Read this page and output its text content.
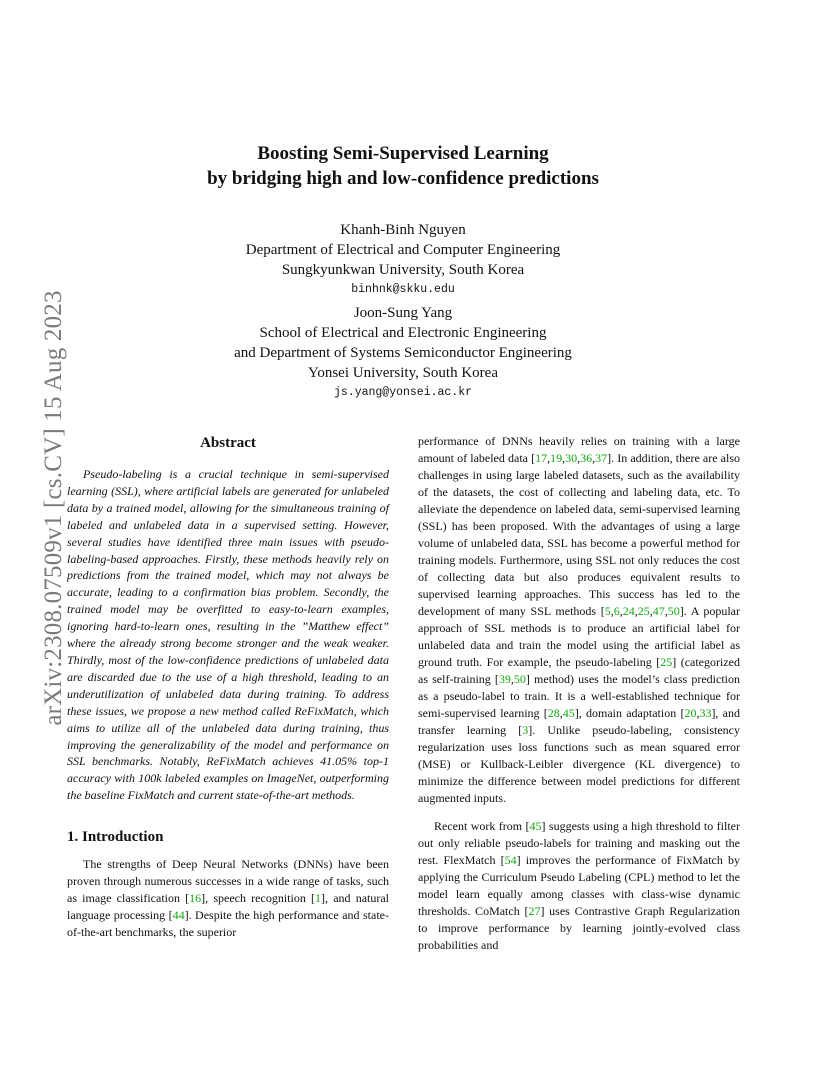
arXiv:2308.07509v1 [cs.CV] 15 Aug 2023
Boosting Semi-Supervised Learning
by bridging high and low-confidence predictions
Khanh-Binh Nguyen
Department of Electrical and Computer Engineering
Sungkyunkwan University, South Korea
binhnk@skku.edu
Joon-Sung Yang
School of Electrical and Electronic Engineering
and Department of Systems Semiconductor Engineering
Yonsei University, South Korea
js.yang@yonsei.ac.kr
Abstract

Pseudo-labeling is a crucial technique in semi-supervised learning (SSL), where artificial labels are generated for unlabeled data by a trained model, allowing for the simultaneous training of labeled and unlabeled data in a supervised setting. However, several studies have identified three main issues with pseudo-labeling-based approaches. Firstly, these methods heavily rely on predictions from the trained model, which may not always be accurate, leading to a confirmation bias problem. Secondly, the trained model may be overfitted to easy-to-learn examples, ignoring hard-to-learn ones, resulting in the ”Matthew effect” where the already strong become stronger and the weak weaker. Thirdly, most of the low-confidence predictions of unlabeled data are discarded due to the use of a high threshold, leading to an underutilization of unlabeled data during training. To address these issues, we propose a new method called ReFixMatch, which aims to utilize all of the unlabeled data during training, thus improving the generalizability of the model and performance on SSL benchmarks. Notably, ReFixMatch achieves 41.05% top-1 accuracy with 100k labeled examples on ImageNet, outperforming the baseline FixMatch and current state-of-the-art methods.

1. Introduction

The strengths of Deep Neural Networks (DNNs) have been proven through numerous successes in a wide range of tasks, such as image classification [16], speech recognition [1], and natural language processing [44]. Despite the high performance and state-of-the-art benchmarks, the superior

performance of DNNs heavily relies on training with a large amount of labeled data [17,19,30,36,37]. In addition, there are also challenges in using large labeled datasets, such as the availability of the datasets, the cost of collecting and labeling data, etc. To alleviate the dependence on labeled data, semi-supervised learning (SSL) has been proposed. With the advantages of using a large volume of unlabeled data, SSL has become a powerful method for training models. Furthermore, using SSL not only reduces the cost of collecting data but also produces equivalent results to supervised learning approaches. This success has led to the development of many SSL methods [5,6,24,25,47,50]. A popular approach of SSL methods is to produce an artificial label for unlabeled data and train the model using the artificial label as ground truth. For example, the pseudo-labeling [25] (categorized as self-training [39,50] method) uses the model’s class prediction as a pseudo-label to train. It is a well-established technique for semi-supervised learning [28,45], domain adaptation [20,33], and transfer learning [3]. Unlike pseudo-labeling, consistency regularization uses loss functions such as mean squared error (MSE) or Kullback-Leibler divergence (KL divergence) to minimize the difference between model predictions for different augmented inputs.

Recent work from [45] suggests using a high threshold to filter out only reliable pseudo-labels for training and masking out the rest. FlexMatch [54] improves the performance of FixMatch by applying the Curriculum Pseudo Labeling (CPL) method to let the model learn equally among classes with class-wise dynamic thresholds. CoMatch [27] uses Contrastive Graph Regularization to improve performance by learning jointly-evolved class probabilities and
